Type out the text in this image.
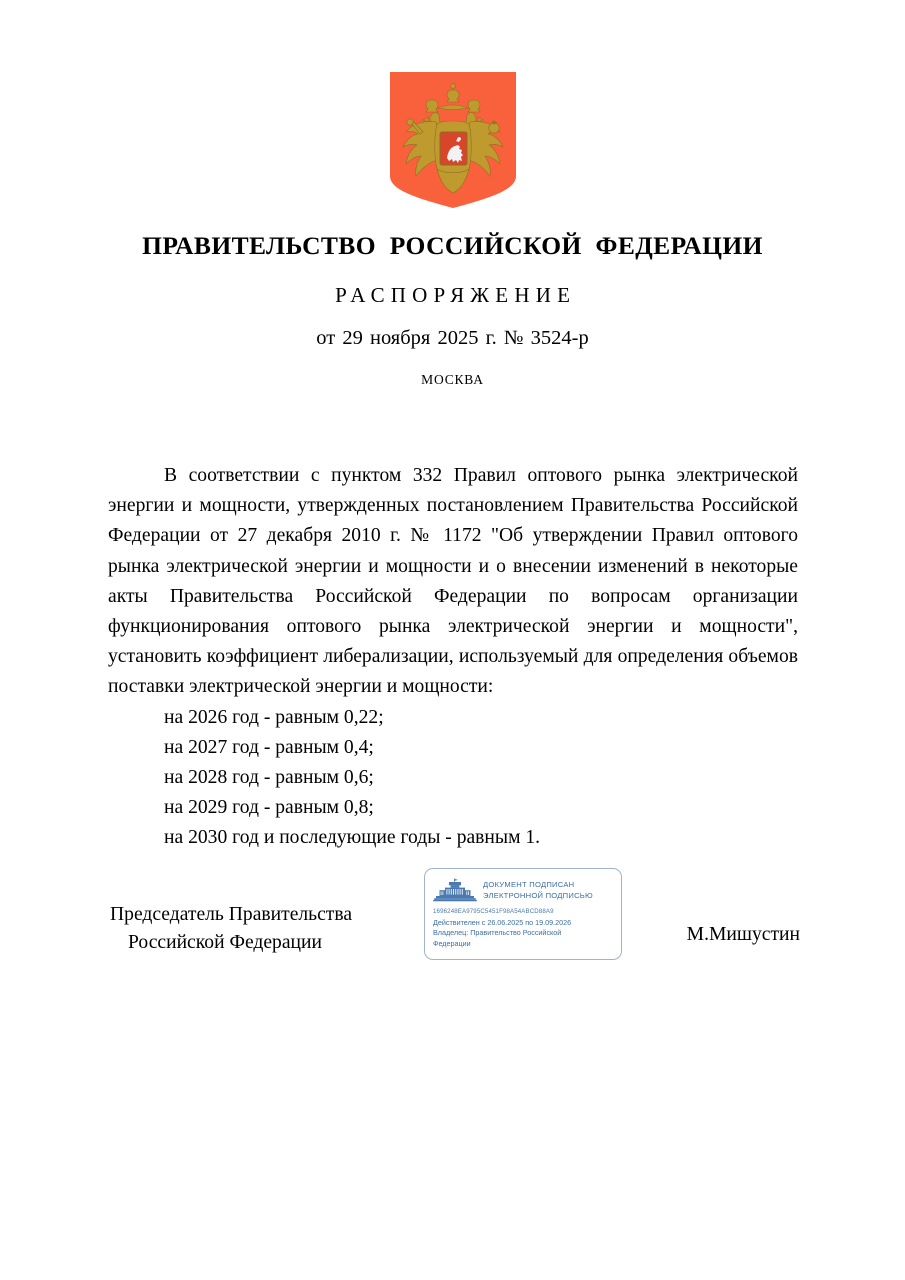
ПРАВИТЕЛЬСТВО РОССИЙСКОЙ ФЕДЕРАЦИИ
РАСПОРЯЖЕНИЕ
от 29 ноября 2025 г. № 3524-р
МОСКВА

В соответствии с пунктом 332 Правил оптового рынка электрической энергии и мощности, утвержденных постановлением Правительства Российской Федерации от 27 декабря 2010 г. № 1172 "Об утверждении Правил оптового рынка электрической энергии и мощности и о внесении изменений в некоторые акты Правительства Российской Федерации по вопросам организации функционирования оптового рынка электрической энергии и мощности", установить коэффициент либерализации, используемый для определения объемов поставки электрической энергии и мощности:

на 2026 год - равным 0,22;

на 2027 год - равным 0,4;

на 2028 год - равным 0,6;

на 2029 год - равным 0,8;

на 2030 год и последующие годы - равным 1.

Председатель Правительства
Российской Федерации	М.Мишустин
ДОКУМЕНТ ПОДПИСАН
ЭЛЕКТРОННОЙ ПОДПИСЬЮ
1696248EA9795C5451F98A54ABCD88A9
Действителен с 26.06.2025 по 19.09.2026
Владелец: Правительство Российской
Федерации
